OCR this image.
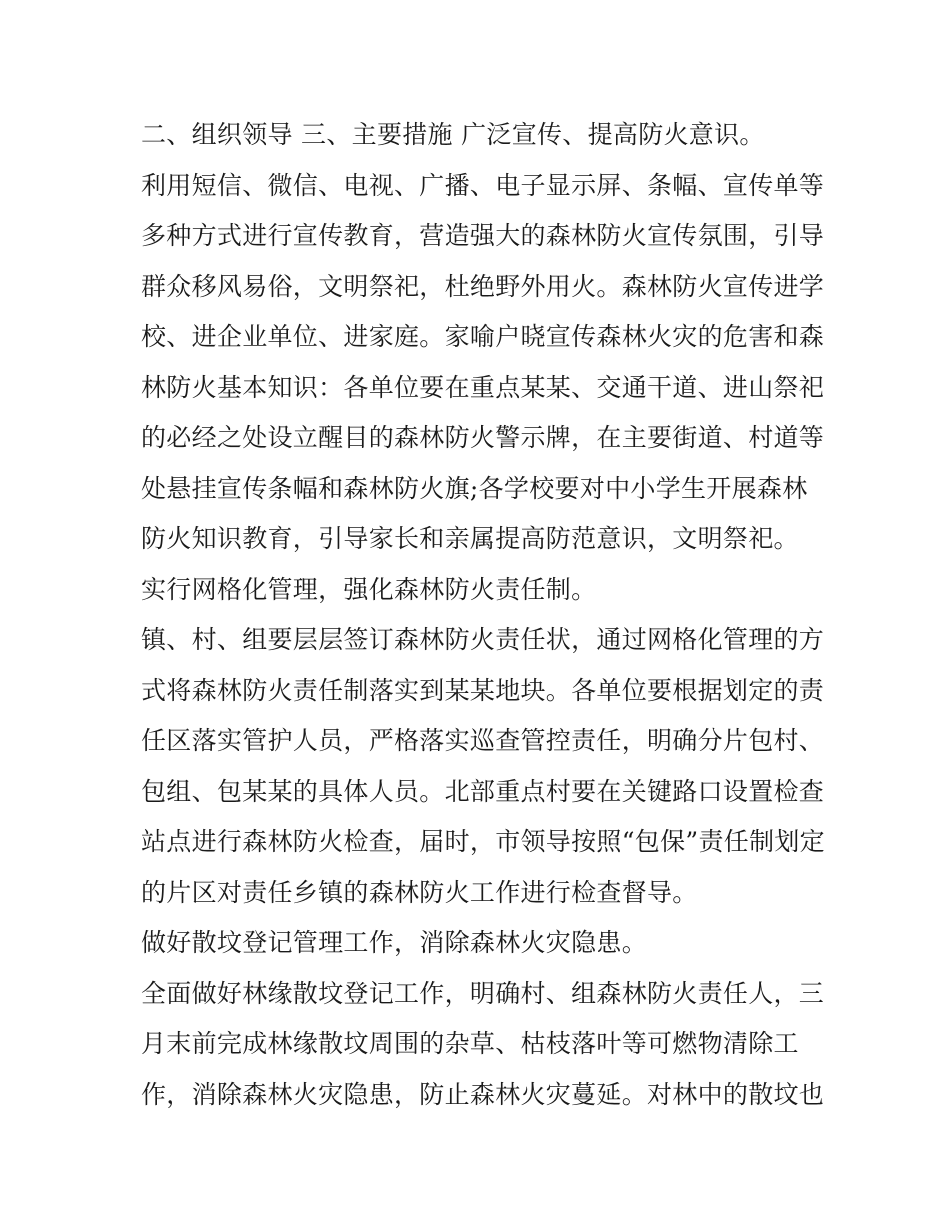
二、组织领导 三、主要措施 广泛宣传、提高防火意识。
利用短信、微信、电视、广播、电子显示屏、条幅、宣传单等
多种方式进行宣传教育，营造强大的森林防火宣传氛围，引导
群众移风易俗，文明祭祀，杜绝野外用火。森林防火宣传进学
校、进企业单位、进家庭。家喻户晓宣传森林火灾的危害和森
林防火基本知识：各单位要在重点某某、交通干道、进山祭祀
的必经之处设立醒目的森林防火警示牌，在主要街道、村道等
处悬挂宣传条幅和森林防火旗;各学校要对中小学生开展森林
防火知识教育，引导家长和亲属提高防范意识，文明祭祀。
实行网格化管理，强化森林防火责任制。
镇、村、组要层层签订森林防火责任状，通过网格化管理的方
式将森林防火责任制落实到某某地块。各单位要根据划定的责
任区落实管护人员，严格落实巡查管控责任，明确分片包村、
包组、包某某的具体人员。北部重点村要在关键路口设置检查
站点进行森林防火检查，届时，市领导按照“包保”责任制划定
的片区对责任乡镇的森林防火工作进行检查督导。
做好散坟登记管理工作，消除森林火灾隐患。
全面做好林缘散坟登记工作，明确村、组森林防火责任人，三
月末前完成林缘散坟周围的杂草、枯枝落叶等可燃物清除工
作，消除森林火灾隐患，防止森林火灾蔓延。对林中的散坟也
